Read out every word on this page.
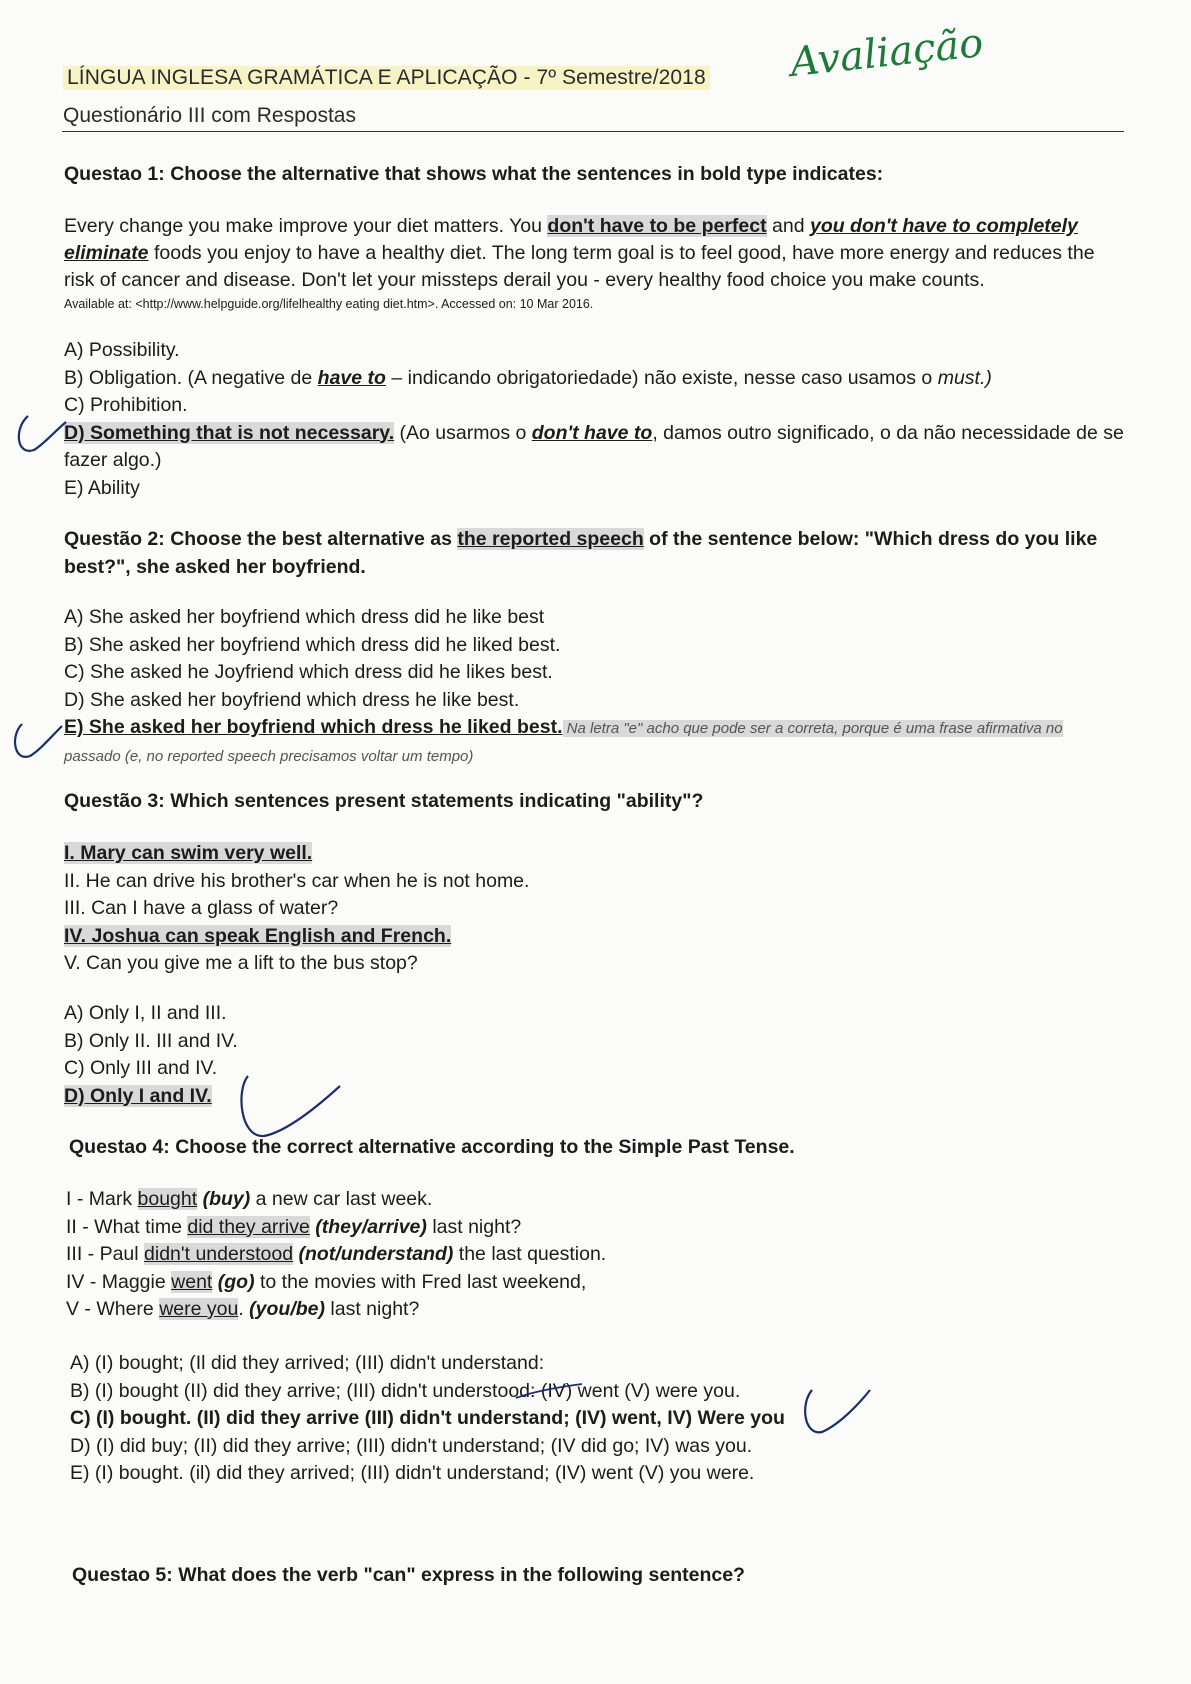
LÍNGUA INGLESA GRAMÁTICA E APLICAÇÃO - 7º Semestre/2018
Questionário III com Respostas
Avaliação
Questao 1: Choose the alternative that shows what the sentences in bold type indicates:
Every change you make improve your diet matters. You don't have to be perfect and you don't have to completely eliminate foods you enjoy to have a healthy diet. The long term goal is to feel good, have more energy and reduces the risk of cancer and disease. Don't let your missteps derail you - every healthy food choice you make counts.
Available at: <http://www.helpguide.org/lifelhealthy eating diet.htm>. Accessed on: 10 Mar 2016.
A) Possibility.
B) Obligation. (A negative de have to – indicando obrigatoriedade) não existe, nesse caso usamos o must.)
C) Prohibition.
D) Something that is not necessary. (Ao usarmos o don't have to, damos outro significado, o da não necessidade de se fazer algo.)
E) Ability
Questão 2: Choose the best alternative as the reported speech of the sentence below: "Which dress do you like best?", she asked her boyfriend.
A) She asked her boyfriend which dress did he like best
B) She asked her boyfriend which dress did he liked best.
C) She asked he Joyfriend which dress did he likes best.
D) She asked her boyfriend which dress he like best.
E) She asked her boyfriend which dress he liked best. Na letra "e" acho que pode ser a correta, porque é uma frase afirmativa no
passado (e, no reported speech precisamos voltar um tempo)
Questão 3: Which sentences present statements indicating "ability"?
I. Mary can swim very well.
II. He can drive his brother's car when he is not home.
III. Can I have a glass of water?
IV. Joshua can speak English and French.
V. Can you give me a lift to the bus stop?
A) Only I, II and III.
B) Only II. III and IV.
C) Only III and IV.
D) Only I and IV.
Questao 4: Choose the correct alternative according to the Simple Past Tense.
I - Mark bought (buy) a new car last week.
II - What time did they arrive (they/arrive) last night?
III - Paul didn't understood (not/understand) the last question.
IV - Maggie went (go) to the movies with Fred last weekend,
V - Where were you. (you/be) last night?
A) (I) bought; (Il did they arrived; (III) didn't understand:
B) (I) bought (II) did they arrive; (III) didn't understood: (IV) went (V) were you.
C) (I) bought. (II) did they arrive (III) didn't understand; (IV) went, IV) Were you
D) (I) did buy; (II) did they arrive; (III) didn't understand; (IV did go; IV) was you.
E) (I) bought. (il) did they arrived; (III) didn't understand; (IV) went (V) you were.
Questao 5: What does the verb "can" express in the following sentence?
